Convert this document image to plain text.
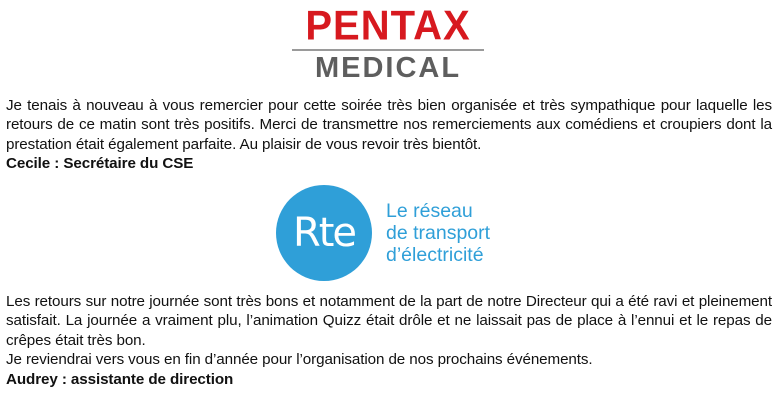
PENTAX
MEDICAL
Je tenais à nouveau à vous remercier pour cette soirée très bien organisée et très sympathique pour laquelle les retours de ce matin sont très positifs. Merci de transmettre nos remerciements aux comédiens et croupiers dont la prestation était également parfaite. Au plaisir de vous revoir très bientôt.
Cecile : Secrétaire du CSE
Rte	Le réseau
de transport
d’électricité
Les retours sur notre journée sont très bons et notamment de la part de notre Directeur qui a été ravi et pleinement satisfait. La journée a vraiment plu, l’animation Quizz était drôle et ne laissait pas de place à l’ennui et le repas de crêpes était très bon.
Je reviendrai vers vous en fin d’année pour l’organisation de nos prochains événements.
Audrey : assistante de direction
